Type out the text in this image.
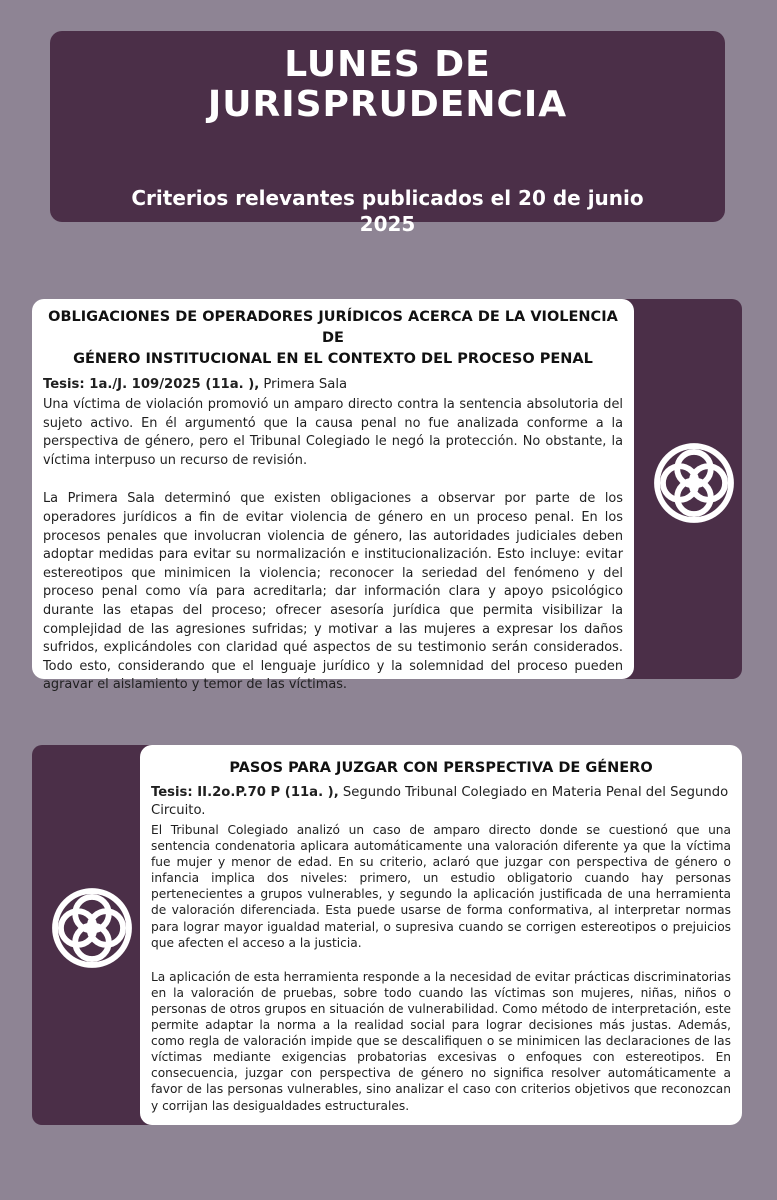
LUNES DE
JURISPRUDENCIA
Criterios relevantes publicados el 20 de junio
2025
OBLIGACIONES DE OPERADORES JURÍDICOS ACERCA DE LA VIOLENCIA DE
GÉNERO INSTITUCIONAL EN EL CONTEXTO DEL PROCESO PENAL
Tesis: 1a./J. 109/2025 (11a. ), Primera Sala

Una víctima de violación promovió un amparo directo contra la sentencia absolutoria del sujeto activo. En él argumentó que la causa penal no fue analizada conforme a la perspectiva de género, pero el Tribunal Colegiado le negó la protección. No obstante, la víctima interpuso un recurso de revisión.

La Primera Sala determinó que existen obligaciones a observar por parte de los operadores jurídicos a fin de evitar violencia de género en un proceso penal. En los procesos penales que involucran violencia de género, las autoridades judiciales deben adoptar medidas para evitar su normalización e institucionalización. Esto incluye: evitar estereotipos que minimicen la violencia; reconocer la seriedad del fenómeno y del proceso penal como vía para acreditarla; dar información clara y apoyo psicológico durante las etapas del proceso; ofrecer asesoría jurídica que permita visibilizar la complejidad de las agresiones sufridas; y motivar a las mujeres a expresar los daños sufridos, explicándoles con claridad qué aspectos de su testimonio serán considerados. Todo esto, considerando que el lenguaje jurídico y la solemnidad del proceso pueden agravar el aislamiento y temor de las víctimas.

PASOS PARA JUZGAR CON PERSPECTIVA DE GÉNERO
Tesis: II.2o.P.70 P (11a. ), Segundo Tribunal Colegiado en Materia Penal del Segundo Circuito.

El Tribunal Colegiado analizó un caso de amparo directo donde se cuestionó que una sentencia condenatoria aplicara automáticamente una valoración diferente ya que la víctima fue mujer y menor de edad. En su criterio, aclaró que juzgar con perspectiva de género o infancia implica dos niveles: primero, un estudio obligatorio cuando hay personas pertenecientes a grupos vulnerables, y segundo la aplicación justificada de una herramienta de valoración diferenciada. Esta puede usarse de forma conformativa, al interpretar normas para lograr mayor igualdad material, o supresiva cuando se corrigen estereotipos o prejuicios que afecten el acceso a la justicia.

La aplicación de esta herramienta responde a la necesidad de evitar prácticas discriminatorias en la valoración de pruebas, sobre todo cuando las víctimas son mujeres, niñas, niños o personas de otros grupos en situación de vulnerabilidad. Como método de interpretación, este permite adaptar la norma a la realidad social para lograr decisiones más justas. Además, como regla de valoración impide que se descalifiquen o se minimicen las declaraciones de las víctimas mediante exigencias probatorias excesivas o enfoques con estereotipos. En consecuencia, juzgar con perspectiva de género no significa resolver automáticamente a favor de las personas vulnerables, sino analizar el caso con criterios objetivos que reconozcan y corrijan las desigualdades estructurales.
